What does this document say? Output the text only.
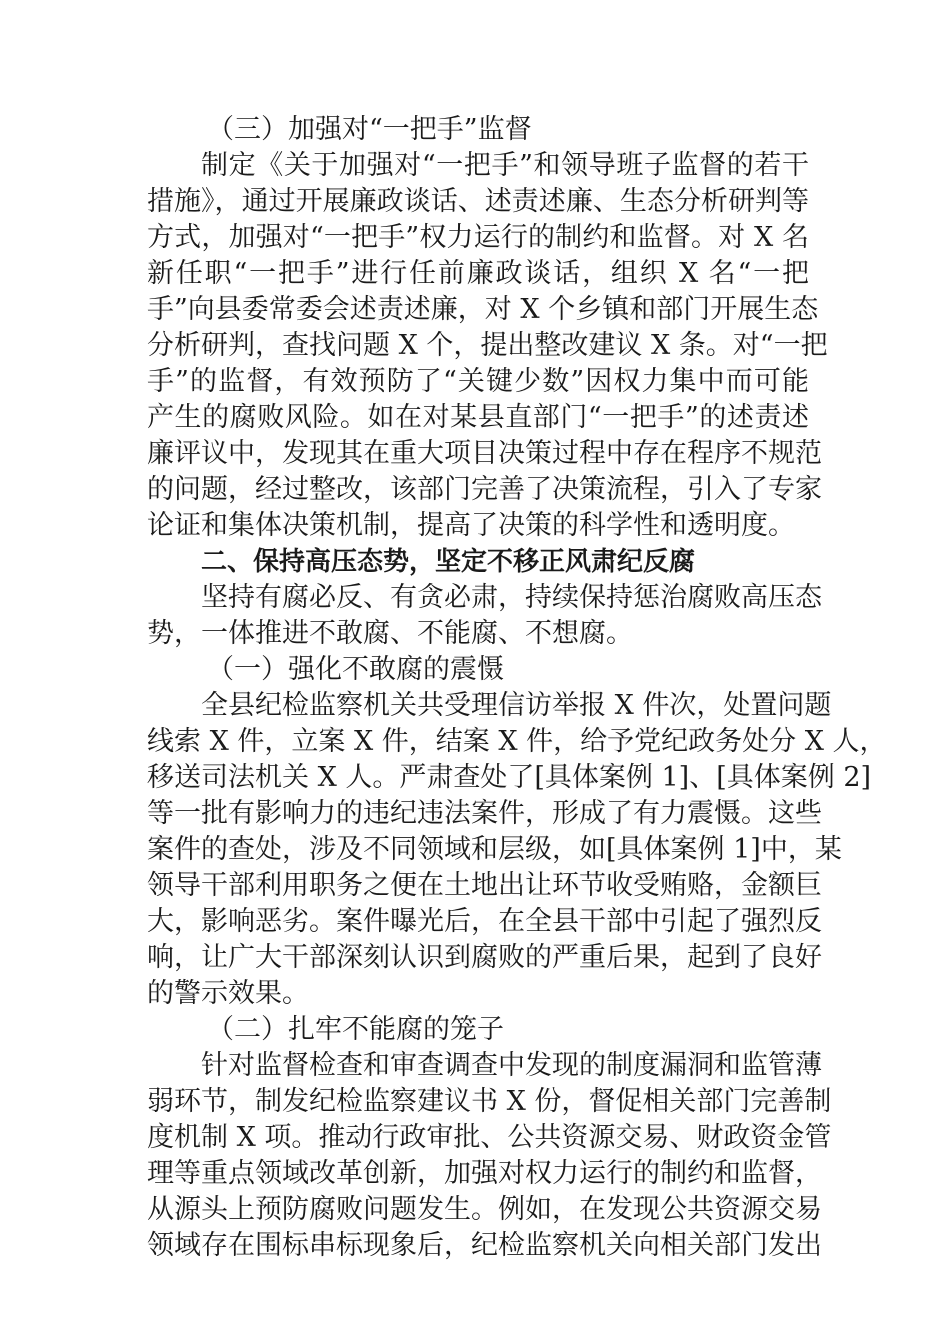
（三）加强对“一把手”监督
制定《关于加强对“一把手”和领导班子监督的若干
措施》，通过开展廉政谈话、述责述廉、生态分析研判等
方式，加强对“一把手”权力运行的制约和监督。对 X 名
新任职“一把手”进行任前廉政谈话，组织 X 名“一把
手”向县委常委会述责述廉，对 X 个乡镇和部门开展生态
分析研判，查找问题 X 个，提出整改建议 X 条。对“一把
手”的监督，有效预防了“关键少数”因权力集中而可能
产生的腐败风险。如在对某县直部门“一把手”的述责述
廉评议中，发现其在重大项目决策过程中存在程序不规范
的问题，经过整改，该部门完善了决策流程，引入了专家
论证和集体决策机制，提高了决策的科学性和透明度。
二、保持高压态势，坚定不移正风肃纪反腐
坚持有腐必反、有贪必肃，持续保持惩治腐败高压态
势，一体推进不敢腐、不能腐、不想腐。
（一）强化不敢腐的震慑
全县纪检监察机关共受理信访举报 X 件次，处置问题
线索 X 件，立案 X 件，结案 X 件，给予党纪政务处分 X 人，
移送司法机关 X 人。严肃查处了[具体案例 1]、[具体案例 2]
等一批有影响力的违纪违法案件，形成了有力震慑。这些
案件的查处，涉及不同领域和层级，如[具体案例 1]中，某
领导干部利用职务之便在土地出让环节收受贿赂，金额巨
大，影响恶劣。案件曝光后，在全县干部中引起了强烈反
响，让广大干部深刻认识到腐败的严重后果，起到了良好
的警示效果。
（二）扎牢不能腐的笼子
针对监督检查和审查调查中发现的制度漏洞和监管薄
弱环节，制发纪检监察建议书 X 份，督促相关部门完善制
度机制 X 项。推动行政审批、公共资源交易、财政资金管
理等重点领域改革创新，加强对权力运行的制约和监督，
从源头上预防腐败问题发生。例如，在发现公共资源交易
领域存在围标串标现象后，纪检监察机关向相关部门发出
